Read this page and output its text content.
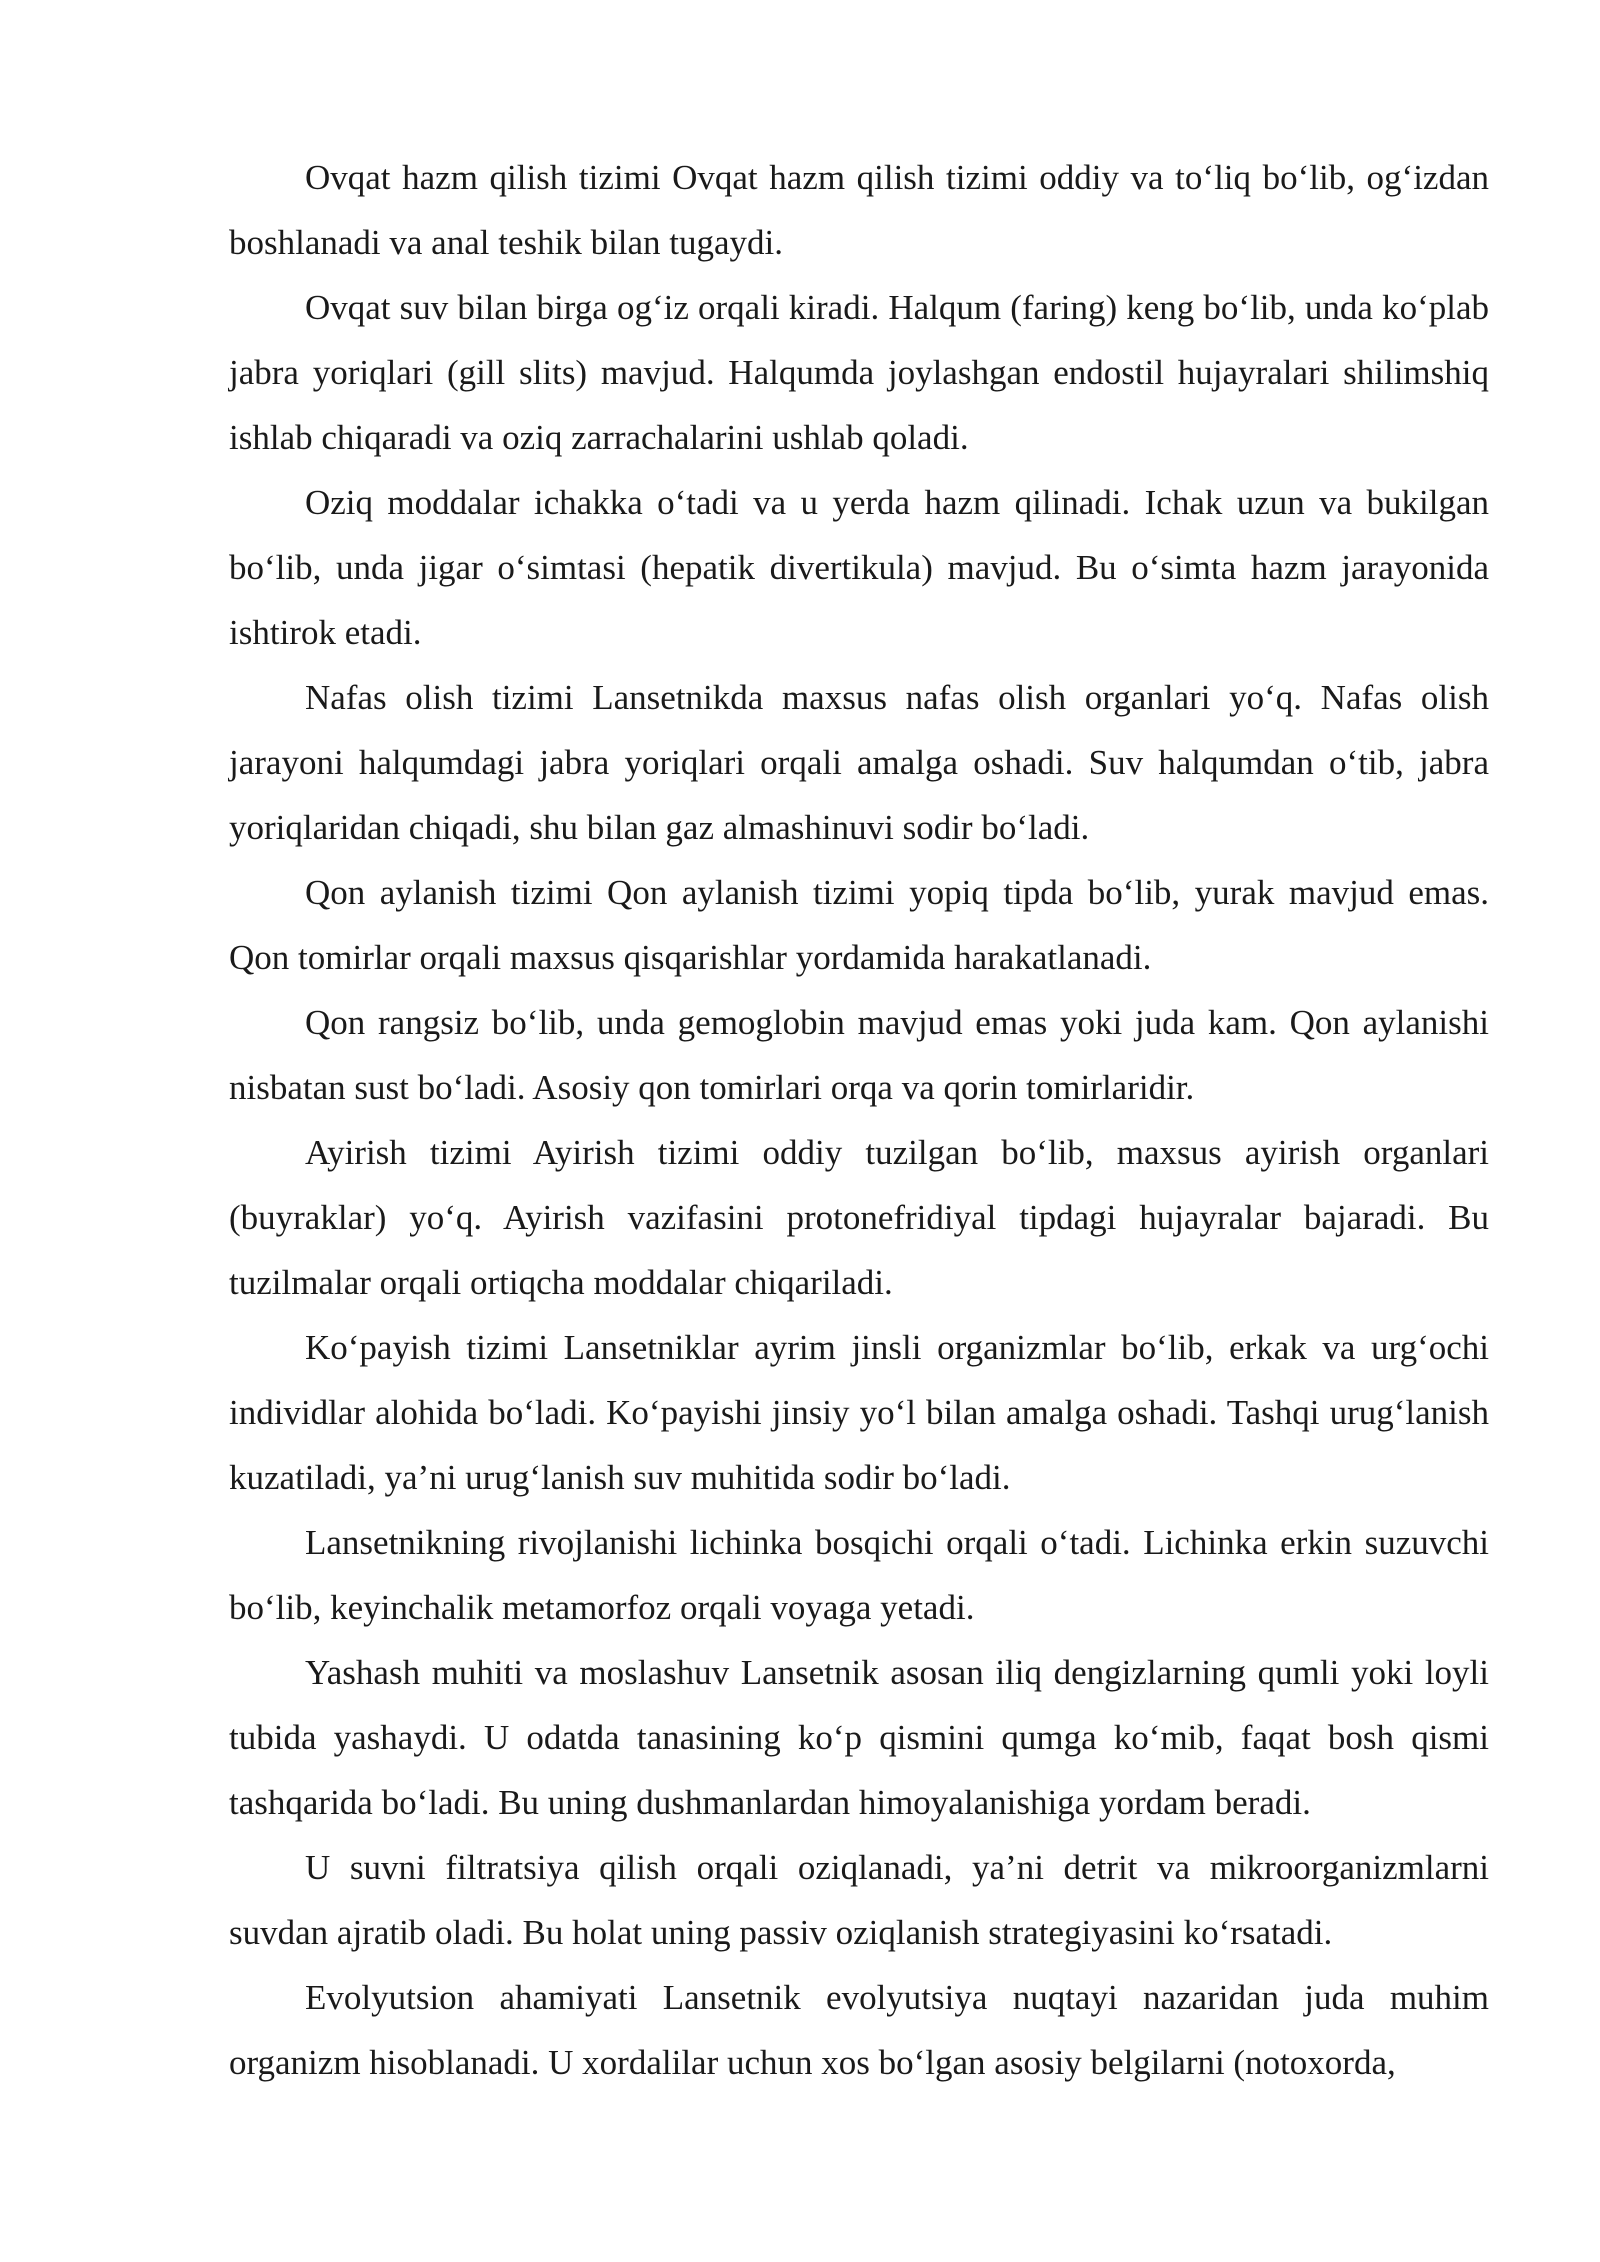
Ovqat hazm qilish tizimi Ovqat hazm qilish tizimi oddiy va to‘liq bo‘lib, og‘izdan boshlanadi va anal teshik bilan tugaydi.

Ovqat suv bilan birga og‘iz orqali kiradi. Halqum (faring) keng bo‘lib, unda ko‘plab jabra yoriqlari (gill slits) mavjud. Halqumda joylashgan endostil hujayralari shilimshiq ishlab chiqaradi va oziq zarrachalarini ushlab qoladi.

Oziq moddalar ichakka o‘tadi va u yerda hazm qilinadi. Ichak uzun va bukilgan bo‘lib, unda jigar o‘simtasi (hepatik divertikula) mavjud. Bu o‘simta hazm jarayonida ishtirok etadi.

Nafas olish tizimi Lansetnikda maxsus nafas olish organlari yo‘q. Nafas olish jarayoni halqumdagi jabra yoriqlari orqali amalga oshadi. Suv halqumdan o‘tib, jabra yoriqlaridan chiqadi, shu bilan gaz almashinuvi sodir bo‘ladi.

Qon aylanish tizimi Qon aylanish tizimi yopiq tipda bo‘lib, yurak mavjud emas. Qon tomirlar orqali maxsus qisqarishlar yordamida harakatlanadi.

Qon rangsiz bo‘lib, unda gemoglobin mavjud emas yoki juda kam. Qon aylanishi nisbatan sust bo‘ladi. Asosiy qon tomirlari orqa va qorin tomirlaridir.

Ayirish tizimi Ayirish tizimi oddiy tuzilgan bo‘lib, maxsus ayirish organlari (buyraklar) yo‘q. Ayirish vazifasini protonefridiyal tipdagi hujayralar bajaradi. Bu tuzilmalar orqali ortiqcha moddalar chiqariladi.

Ko‘payish tizimi Lansetniklar ayrim jinsli organizmlar bo‘lib, erkak va urg‘ochi individlar alohida bo‘ladi. Ko‘payishi jinsiy yo‘l bilan amalga oshadi. Tashqi urug‘lanish kuzatiladi, ya’ni urug‘lanish suv muhitida sodir bo‘ladi.

Lansetnikning rivojlanishi lichinka bosqichi orqali o‘tadi. Lichinka erkin suzuvchi bo‘lib, keyinchalik metamorfoz orqali voyaga yetadi.

Yashash muhiti va moslashuv Lansetnik asosan iliq dengizlarning qumli yoki loyli tubida yashaydi. U odatda tanasining ko‘p qismini qumga ko‘mib, faqat bosh qismi tashqarida bo‘ladi. Bu uning dushmanlardan himoyalanishiga yordam beradi.

U suvni filtratsiya qilish orqali oziqlanadi, ya’ni detrit va mikroorganizmlarni suvdan ajratib oladi. Bu holat uning passiv oziqlanish strategiyasini ko‘rsatadi.

Evolyutsion ahamiyati Lansetnik evolyutsiya nuqtayi nazaridan juda muhim organizm hisoblanadi. U xordalilar uchun xos bo‘lgan asosiy belgilarni (notoxorda,
